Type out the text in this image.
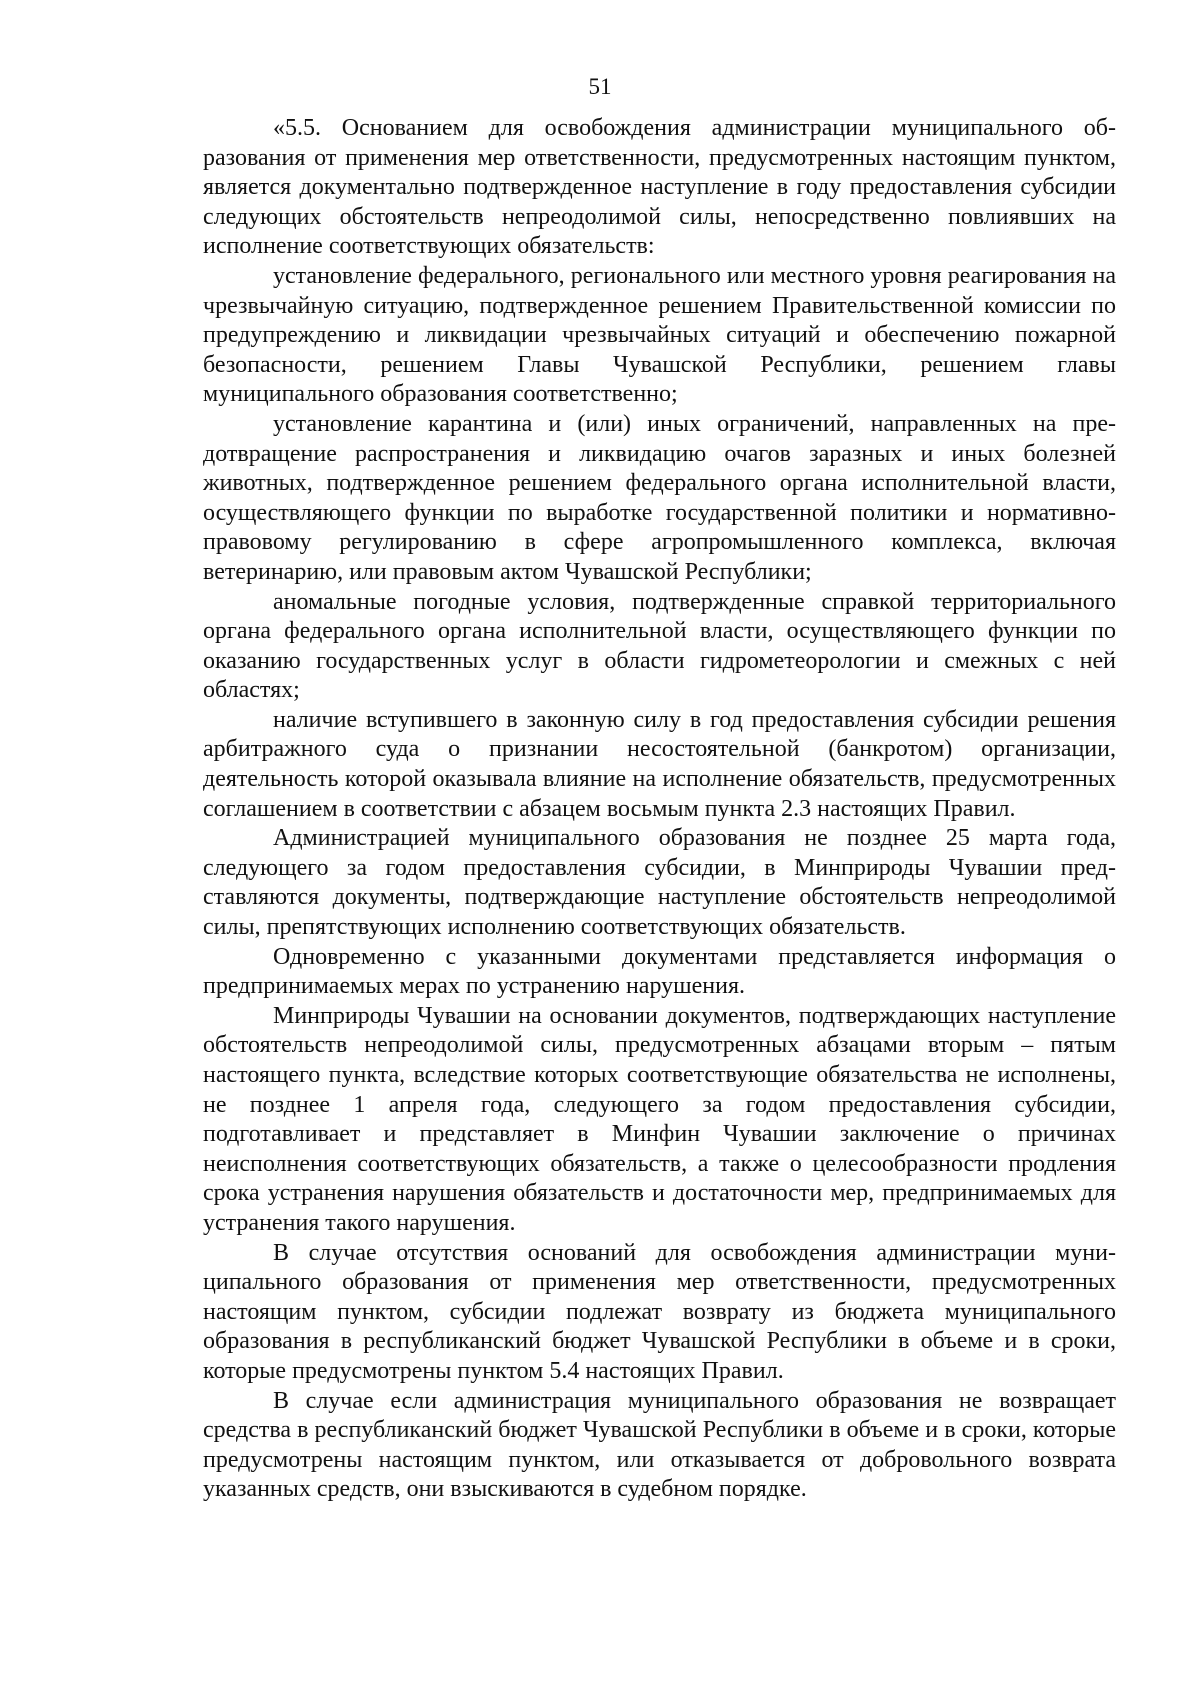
51

«5.5. Основанием для освобождения администрации муниципального образования от применения мер ответственности, предусмотренных настоящим пунктом, является документально подтвержденное наступление в году предоставления субсидии следующих обстоятельств непреодолимой силы, непосредственно повлиявших на исполнение соответствующих обязательств:

установление федерального, регионального или местного уровня реагирования на чрезвычайную ситуацию, подтвержденное решением Правительственной комиссии по предупреждению и ликвидации чрезвычайных ситуаций и обеспечению пожарной безопасности, решением Главы Чувашской Республики, решением главы муниципального образования соответственно;

установление карантина и (или) иных ограничений, направленных на предотвращение распространения и ликвидацию очагов заразных и иных болезней животных, подтвержденное решением федерального органа исполнительной власти, осуществляющего функции по выработке государственной политики и нормативно-правовому регулированию в сфере агропромышленного комплекса, включая ветеринарию, или правовым актом Чувашской Республики;

аномальные погодные условия, подтвержденные справкой территориального органа федерального органа исполнительной власти, осуществляющего функции по оказанию государственных услуг в области гидрометеорологии и смежных с ней областях;

наличие вступившего в законную силу в год предоставления субсидии решения арбитражного суда о признании несостоятельной (банкротом) организации, деятельность которой оказывала влияние на исполнение обязательств, предусмотренных соглашением в соответствии с абзацем восьмым пункта 2.3 настоящих Правил.

Администрацией муниципального образования не позднее 25 марта года, следующего за годом предоставления субсидии, в Минприроды Чувашии представляются документы, подтверждающие наступление обстоятельств непреодолимой силы, препятствующих исполнению соответствующих обязательств.

Одновременно с указанными документами представляется информация о предпринимаемых мерах по устранению нарушения.

Минприроды Чувашии на основании документов, подтверждающих наступление обстоятельств непреодолимой силы, предусмотренных абзацами вторым – пятым настоящего пункта, вследствие которых соответствующие обязательства не исполнены, не позднее 1 апреля года, следующего за годом предоставления субсидии, подготавливает и представляет в Минфин Чувашии заключение о причинах неисполнения соответствующих обязательств, а также о целесообразности продления срока устранения нарушения обязательств и достаточности мер, предпринимаемых для устранения такого нарушения.

В случае отсутствия оснований для освобождения администрации муниципального образования от применения мер ответственности, предусмотренных настоящим пунктом, субсидии подлежат возврату из бюджета муниципального образования в республиканский бюджет Чувашской Республики в объеме и в сроки, которые предусмотрены пунктом 5.4 настоящих Правил.

В случае если администрация муниципального образования не возвращает средства в республиканский бюджет Чувашской Республики в объеме и в сроки, которые предусмотрены настоящим пунктом, или отказывается от добровольного возврата указанных средств, они взыскиваются в судебном порядке.
